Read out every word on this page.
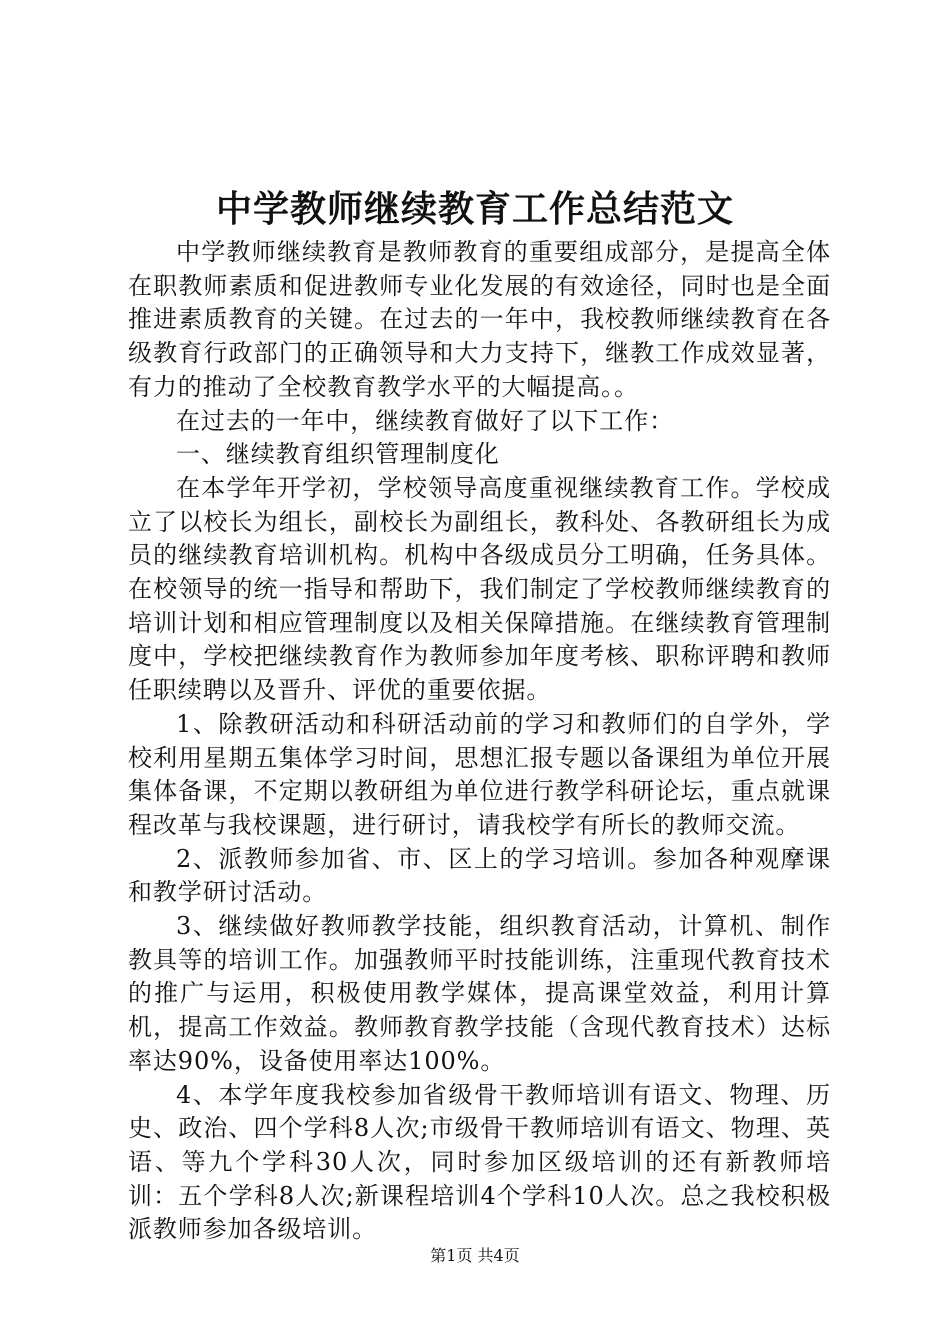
中学教师继续教育工作总结范文

中学教师继续教育是教师教育的重要组成部分，是提高全体在职教师素质和促进教师专业化发展的有效途径，同时也是全面推进素质教育的关键。在过去的一年中，我校教师继续教育在各级教育行政部门的正确领导和大力支持下，继教工作成效显著，有力的推动了全校教育教学水平的大幅提高。。

在过去的一年中，继续教育做好了以下工作：

一、继续教育组织管理制度化

在本学年开学初，学校领导高度重视继续教育工作。学校成立了以校长为组长，副校长为副组长，教科处、各教研组长为成员的继续教育培训机构。机构中各级成员分工明确，任务具体。在校领导的统一指导和帮助下，我们制定了学校教师继续教育的培训计划和相应管理制度以及相关保障措施。在继续教育管理制度中，学校把继续教育作为教师参加年度考核、职称评聘和教师任职续聘以及晋升、评优的重要依据。

1、除教研活动和科研活动前的学习和教师们的自学外，学校利用星期五集体学习时间，思想汇报专题以备课组为单位开展集体备课，不定期以教研组为单位进行教学科研论坛，重点就课程改革与我校课题，进行研讨，请我校学有所长的教师交流。

2、派教师参加省、市、区上的学习培训。参加各种观摩课和教学研讨活动。

3、继续做好教师教学技能，组织教育活动，计算机、制作教具等的培训工作。加强教师平时技能训练，注重现代教育技术的推广与运用，积极使用教学媒体，提高课堂效益，利用计算机，提高工作效益。教师教育教学技能（含现代教育技术）达标率达90%，设备使用率达100%。

4、本学年度我校参加省级骨干教师培训有语文、物理、历史、政治、四个学科8人次;市级骨干教师培训有语文、物理、英语、等九个学科30人次，同时参加区级培训的还有新教师培训：五个学科8人次;新课程培训4个学科10人次。总之我校积极派教师参加各级培训。

第1页 共4页
